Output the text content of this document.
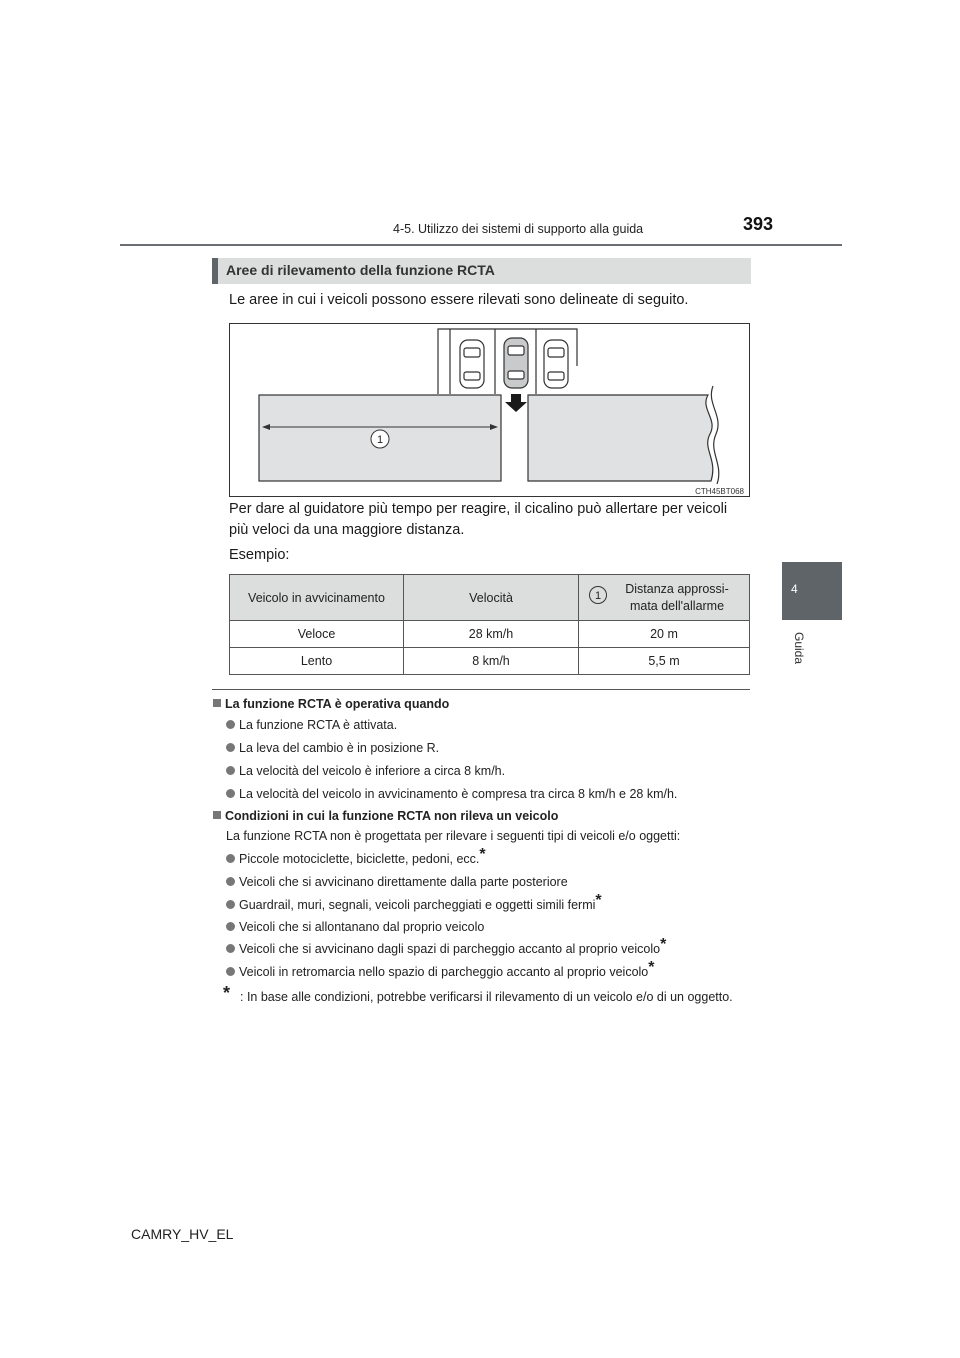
4-5. Utilizzo dei sistemi di supporto alla guida	393
4
Guida
Aree di rilevamento della funzione RCTA
Le aree in cui i veicoli possono essere rilevati sono delineate di seguito.
1
CTH45BT068
Per dare al guidatore più tempo per reagire, il cicalino può allertare per veicoli
più veloci da una maggiore distanza.
Esempio:
Veicolo in avvicinamento	Velocità	1
Distanza approssi-
mata dell'allarme

Veloce	28 km/h	20 m
Lento	8 km/h	5,5 m
La funzione RCTA è operativa quando
La funzione RCTA è attivata.
La leva del cambio è in posizione R.
La velocità del veicolo è inferiore a circa 8 km/h.
La velocità del veicolo in avvicinamento è compresa tra circa 8 km/h e 28 km/h.
Condizioni in cui la funzione RCTA non rileva un veicolo
La funzione RCTA non è progettata per rilevare i seguenti tipi di veicoli e/o oggetti:
Piccole motociclette, biciclette, pedoni, ecc.*
Veicoli che si avvicinano direttamente dalla parte posteriore
Guardrail, muri, segnali, veicoli parcheggiati e oggetti simili fermi*
Veicoli che si allontanano dal proprio veicolo
Veicoli che si avvicinano dagli spazi di parcheggio accanto al proprio veicolo*
Veicoli in retromarcia nello spazio di parcheggio accanto al proprio veicolo*
* : In base alle condizioni, potrebbe verificarsi il rilevamento di un veicolo e/o di un oggetto.
CAMRY_HV_EL
